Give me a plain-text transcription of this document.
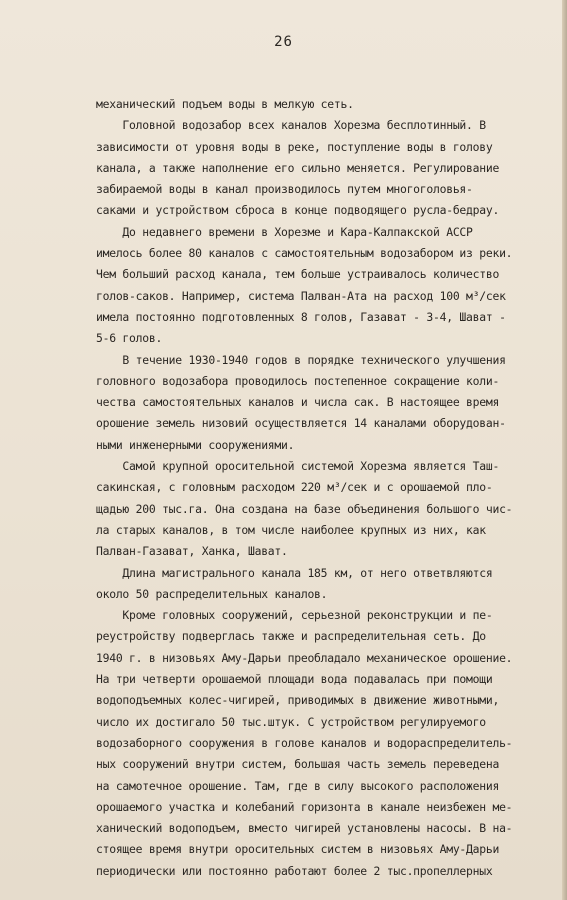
26
механический подъем воды в мелкую сеть.
Головной водозабор всех каналов Хорезма бесплотинный. В
зависимости от уровня воды в реке, поступление воды в голову
канала, а также наполнение его сильно меняется. Регулирование
забираемой воды в канал производилось путем многоголовья-
саками и устройством сброса в конце подводящего русла-бедрау.
До недавнего времени в Хорезме и Кара-Калпакской АССР
имелось более 80 каналов с самостоятельным водозабором из реки.
Чем больший расход канала, тем больше устраивалось количество
голов-саков. Например, система Палван-Ата на расход 100 м³/сек
имела постоянно подготовленных 8 голов, Газават - 3-4, Шават -
5-6 голов.
В течение 1930-1940 годов в порядке технического улучшения
головного водозабора проводилось постепенное сокращение коли-
чества самостоятельных каналов и числа сак. В настоящее время
орошение земель низовий осуществляется 14 каналами оборудован-
ными инженерными сооружениями.
Самой крупной оросительной системой Хорезма является Таш-
сакинская, с головным расходом 220 м³/сек и с орошаемой пло-
щадью 200 тыс.га. Она создана на базе объединения большого чис-
ла старых каналов, в том числе наиболее крупных из них, как
Палван-Газават, Ханка, Шават.
Длина магистрального канала 185 км, от него ответвляются
около 50 распределительных каналов.
Кроме головных сооружений, серьезной реконструкции и пе-
реустройству подверглась также и распределительная сеть. До
1940 г. в низовьях Аму-Дарьи преобладало механическое орошение.
На три четверти орошаемой площади вода подавалась при помощи
водоподъемных колес-чигирей, приводимых в движение животными,
число их достигало 50 тыс.штук. С устройством регулируемого
водозаборного сооружения в голове каналов и водораспределитель-
ных сооружений внутри систем, большая часть земель переведена
на самотечное орошение. Там, где в силу высокого расположения
орошаемого участка и колебаний горизонта в канале неизбежен ме-
ханический водоподъем, вместо чигирей установлены насосы. В на-
стоящее время внутри оросительных систем в низовьях Аму-Дарьи
периодически или постоянно работают более 2 тыс.пропеллерных
